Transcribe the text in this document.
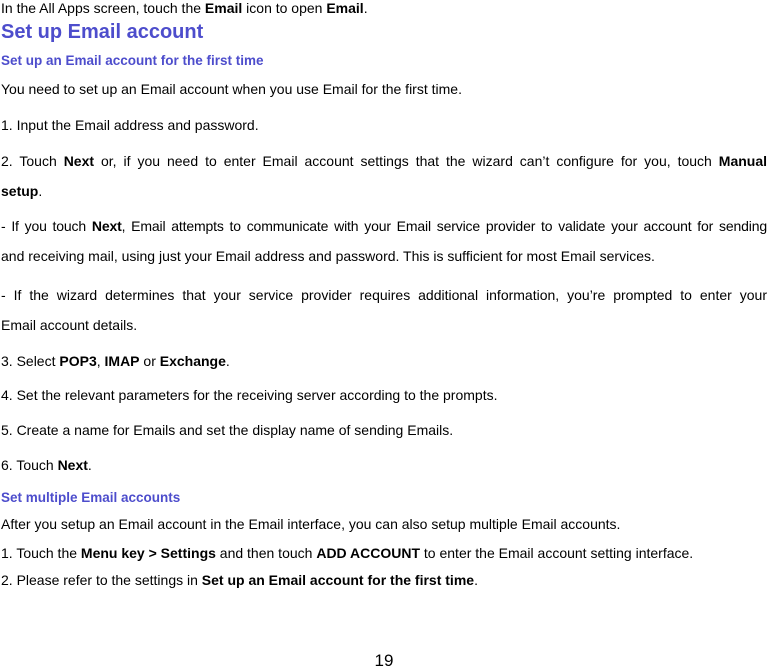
In the All Apps screen, touch the Email icon to open Email.

Set up Email account
Set up an Email account for the first time

You need to set up an Email account when you use Email for the first time.

1. Input the Email address and password.

2. Touch Next or, if you need to enter Email account settings that the wizard can’t configure for you, touch Manual

setup.

- If you touch Next, Email attempts to communicate with your Email service provider to validate your account for sending

and receiving mail, using just your Email address and password. This is sufficient for most Email services.

- If the wizard determines that your service provider requires additional information, you’re prompted to enter your

Email account details.

3. Select POP3, IMAP or Exchange.

4. Set the relevant parameters for the receiving server according to the prompts.

5. Create a name for Emails and set the display name of sending Emails.

6. Touch Next.

Set multiple Email accounts

After you setup an Email account in the Email interface, you can also setup multiple Email accounts.

1. Touch the Menu key > Settings and then touch ADD ACCOUNT to enter the Email account setting interface.

2. Please refer to the settings in Set up an Email account for the first time.

19
